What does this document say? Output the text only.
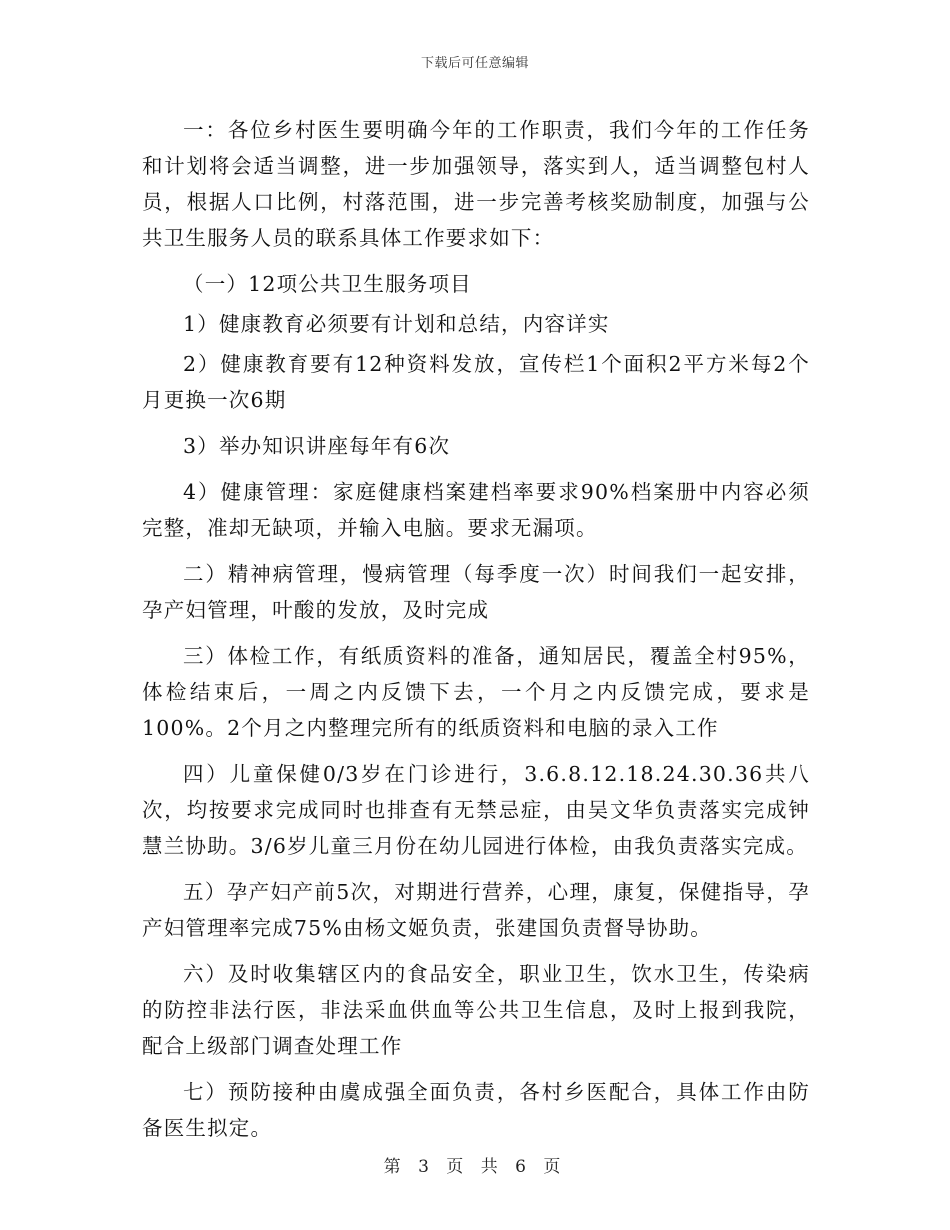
下载后可任意编辑

一：各位乡村医生要明确今年的工作职责，我们今年的工作任务和计划将会适当调整，进一步加强领导，落实到人，适当调整包村人员，根据人口比例，村落范围，进一步完善考核奖励制度，加强与公共卫生服务人员的联系具体工作要求如下：

（一）12项公共卫生服务项目

1）健康教育必须要有计划和总结，内容详实

2）健康教育要有12种资料发放，宣传栏1个面积2平方米每2个月更换一次6期

3）举办知识讲座每年有6次

4）健康管理：家庭健康档案建档率要求90%档案册中内容必须完整，准却无缺项，并输入电脑。要求无漏项。

二）精神病管理，慢病管理（每季度一次）时间我们一起安排，孕产妇管理，叶酸的发放，及时完成

三）体检工作，有纸质资料的准备，通知居民，覆盖全村95%，体检结束后，一周之内反馈下去，一个月之内反馈完成，要求是100%。2个月之内整理完所有的纸质资料和电脑的录入工作

四）儿童保健0/3岁在门诊进行，3.6.8.12.18.24.30.36共八次，均按要求完成同时也排查有无禁忌症，由吴文华负责落实完成钟慧兰协助。3/6岁儿童三月份在幼儿园进行体检，由我负责落实完成。

五）孕产妇产前5次，对期进行营养，心理，康复，保健指导，孕产妇管理率完成75%由杨文姬负责，张建国负责督导协助。

六）及时收集辖区内的食品安全，职业卫生，饮水卫生，传染病的防控非法行医，非法采血供血等公共卫生信息，及时上报到我院，配合上级部门调查处理工作

七）预防接种由虞成强全面负责，各村乡医配合，具体工作由防备医生拟定。

第 3 页 共 6 页
